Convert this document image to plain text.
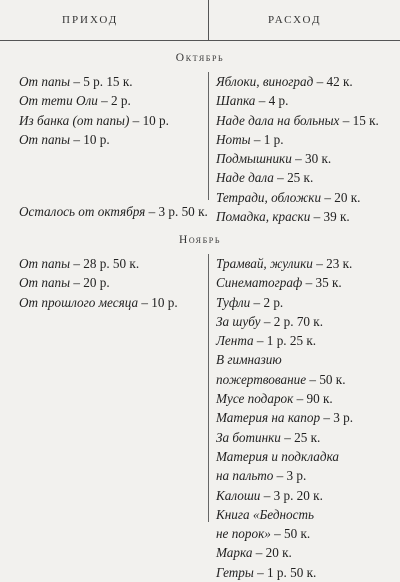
ПРИХОД	РАСХОД
Октябрь
От папы – 5 р. 15 к.
От тети Оли – 2 р.
Из банка (от папы) – 10 р.
От папы – 10 р.
Яблоки, виноград – 42 к.
Шапка – 4 р.
Наде дала на больных – 15 к.
Ноты – 1 р.
Подмышники – 30 к.
Наде дала – 25 к.
Тетради, обложки – 20 к.
Помадка, краски – 39 к.
Осталось от октября – 3 р. 50 к.
Ноябрь
От папы – 28 р. 50 к.
От папы – 20 р.
От прошлого месяца – 10 р.
Трамвай, жулики – 23 к.
Синематограф – 35 к.
Туфли – 2 р.
За шубу – 2 р. 70 к.
Лента – 1 р. 25 к.
В гимназию
пожертвование – 50 к.
Мусе подарок – 90 к.
Материя на капор – 3 р.
За ботинки – 25 к.
Материя и подкладка
на пальто – 3 р.
Калоши – 3 р. 20 к.
Книга «Бедность
не порок» – 50 к.
Марка – 20 к.
Гетры – 1 р. 50 к.
